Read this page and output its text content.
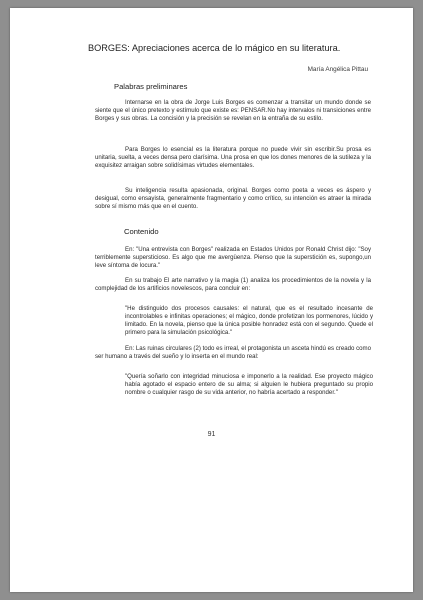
BORGES: Apreciaciones acerca de lo mágico en su literatura.
María Angélica Pittau
Palabras preliminares
Internarse en la obra de Jorge Luis Borges es comenzar a transitar un mundo donde se siente que el único pretexto y estímulo que existe es: PENSAR.No hay intervalos ni transiciones entre Borges y sus obras. La concisión y la precisión se revelan en la entraña de su estilo.
Para Borges lo esencial es la literatura porque no puede vivir sin escribir.Su prosa es unitaria, suelta, a veces densa pero clarísima. Una prosa en que los dones menores de la sutileza y la exquisitez arraigan sobre solidísimas virtudes elementales.
Su inteligencia resulta apasionada, original. Borges como poeta a veces es áspero y desigual, como ensayista, generalmente fragmentario y como crítico, su intención es atraer la mirada sobre sí mismo más que en el cuento.
Contenido
En: "Una entrevista con Borges" realizada en Estados Unidos por Ronald Christ dijo: "Soy terriblemente supersticioso. Es algo que me avergüenza. Pienso que la superstición es, supongo,un leve síntoma de locura."
En su trabajo El arte narrativo y la magia (1) analiza los procedimientos de la novela y la complejidad de los artificios novelescos, para concluir en:
"He distinguido dos procesos causales: el natural, que es el resultado incesante de incontrolables e infinitas operaciones; el mágico, donde profetizan los pormenores, lúcido y limitado. En la novela, pienso que la única posible honradez está con el segundo. Quede el primero para la simulación psicológica."
En: Las ruinas circulares (2) todo es irreal, el protagonista un asceta hindú es creado como ser humano a través del sueño y lo inserta en el mundo real:
"Quería soñarlo con integridad minuciosa e imponerlo a la realidad. Ese proyecto mágico había agotado el espacio entero de su alma; si alguien le hubiera preguntado su propio nombre o cualquier rasgo de su vida anterior, no habría acertado a responder."
91
